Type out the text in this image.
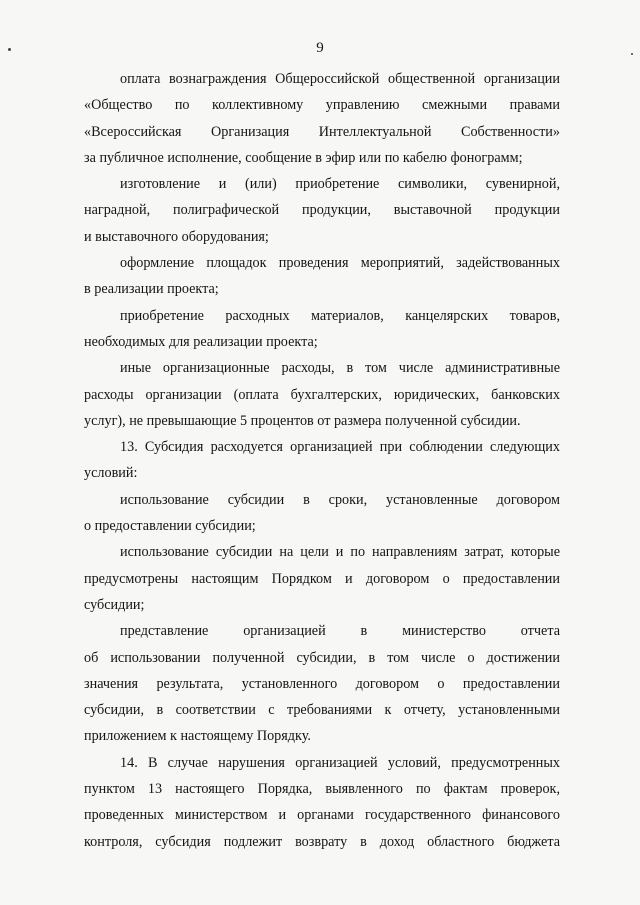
9

оплата вознаграждения Общероссийской общественной организации

«Общество по коллективному управлению смежными правами

«Всероссийская Организация Интеллектуальной Собственности»

за публичное исполнение, сообщение в эфир или по кабелю фонограмм;

изготовление и (или) приобретение символики, сувенирной,

наградной, полиграфической продукции, выставочной продукции

и выставочного оборудования;

оформление площадок проведения мероприятий, задействованных

в реализации проекта;

приобретение расходных материалов, канцелярских товаров,

необходимых для реализации проекта;

иные организационные расходы, в том числе административные

расходы организации (оплата бухгалтерских, юридических, банковских

услуг), не превышающие 5 процентов от размера полученной субсидии.

13. Субсидия расходуется организацией при соблюдении следующих

условий:

использование субсидии в сроки, установленные договором

о предоставлении субсидии;

использование субсидии на цели и по направлениям затрат, которые

предусмотрены настоящим Порядком и договором о предоставлении

субсидии;

представление организацией в министерство отчета

об использовании полученной субсидии, в том числе о достижении

значения результата, установленного договором о предоставлении

субсидии, в соответствии с требованиями к отчету, установленными

приложением к настоящему Порядку.

14. В случае нарушения организацией условий, предусмотренных

пунктом 13 настоящего Порядка, выявленного по фактам проверок,

проведенных министерством и органами государственного финансового

контроля, субсидия подлежит возврату в доход областного бюджета
